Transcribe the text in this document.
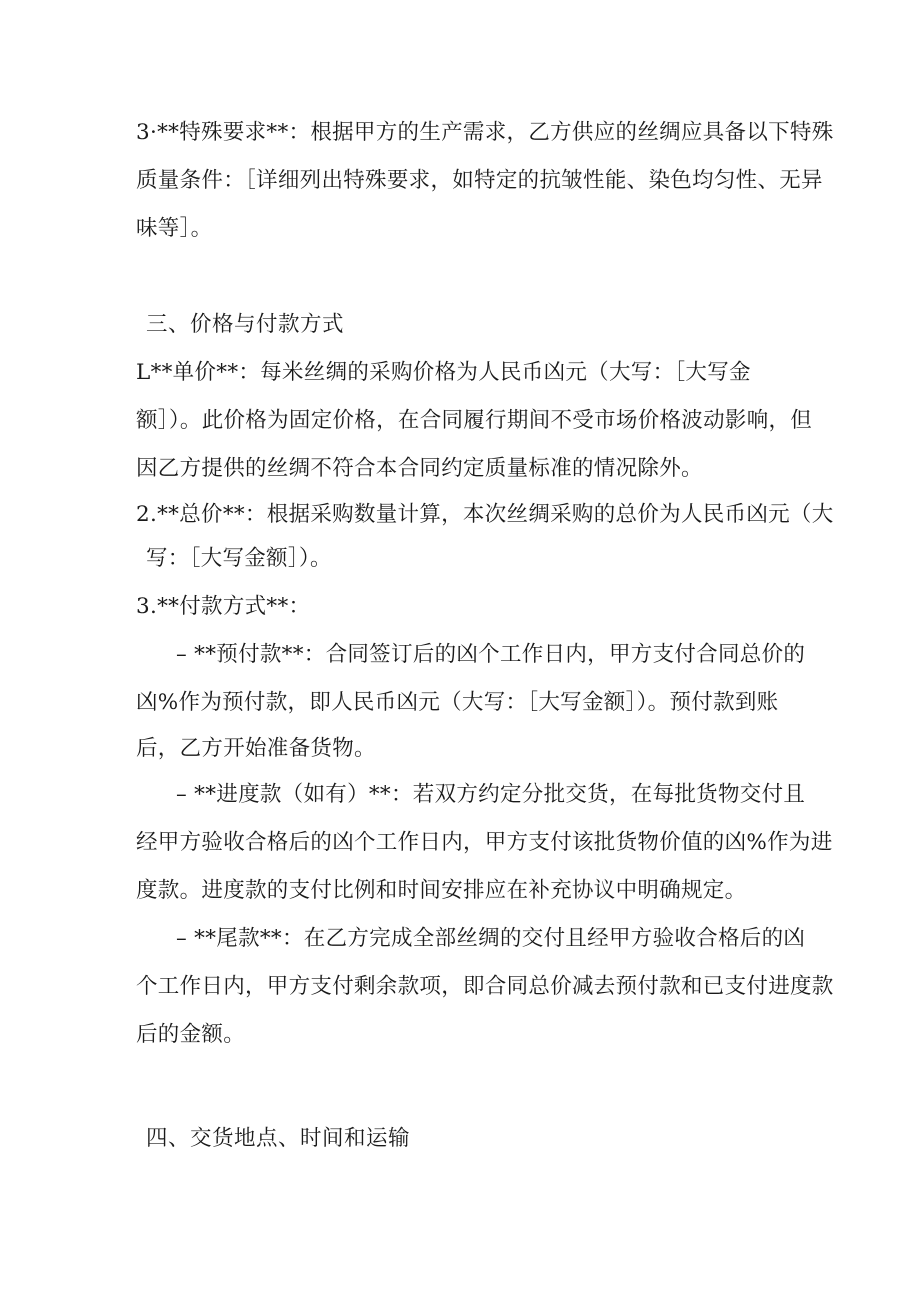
3·**特殊要求**：根据甲方的生产需求，乙方供应的丝绸应具备以下特殊
质量条件：［详细列出特殊要求，如特定的抗皱性能、染色均匀性、无异
味等］。
三、价格与付款方式
L**单价**：每米丝绸的采购价格为人民币凶元（大写：［大写金
额］）。此价格为固定价格，在合同履行期间不受市场价格波动影响，但
因乙方提供的丝绸不符合本合同约定质量标准的情况除外。
2.**总价**：根据采购数量计算，本次丝绸采购的总价为人民币凶元（大
写：［大写金额］）。
3.**付款方式**：
– **预付款**：合同签订后的凶个工作日内，甲方支付合同总价的
凶%作为预付款，即人民币凶元（大写：［大写金额］）。预付款到账
后，乙方开始准备货物。
– **进度款（如有）**：若双方约定分批交货，在每批货物交付且
经甲方验收合格后的凶个工作日内，甲方支付该批货物价值的凶%作为进
度款。进度款的支付比例和时间安排应在补充协议中明确规定。
– **尾款**：在乙方完成全部丝绸的交付且经甲方验收合格后的凶
个工作日内，甲方支付剩余款项，即合同总价减去预付款和已支付进度款
后的金额。
四、交货地点、时间和运输
